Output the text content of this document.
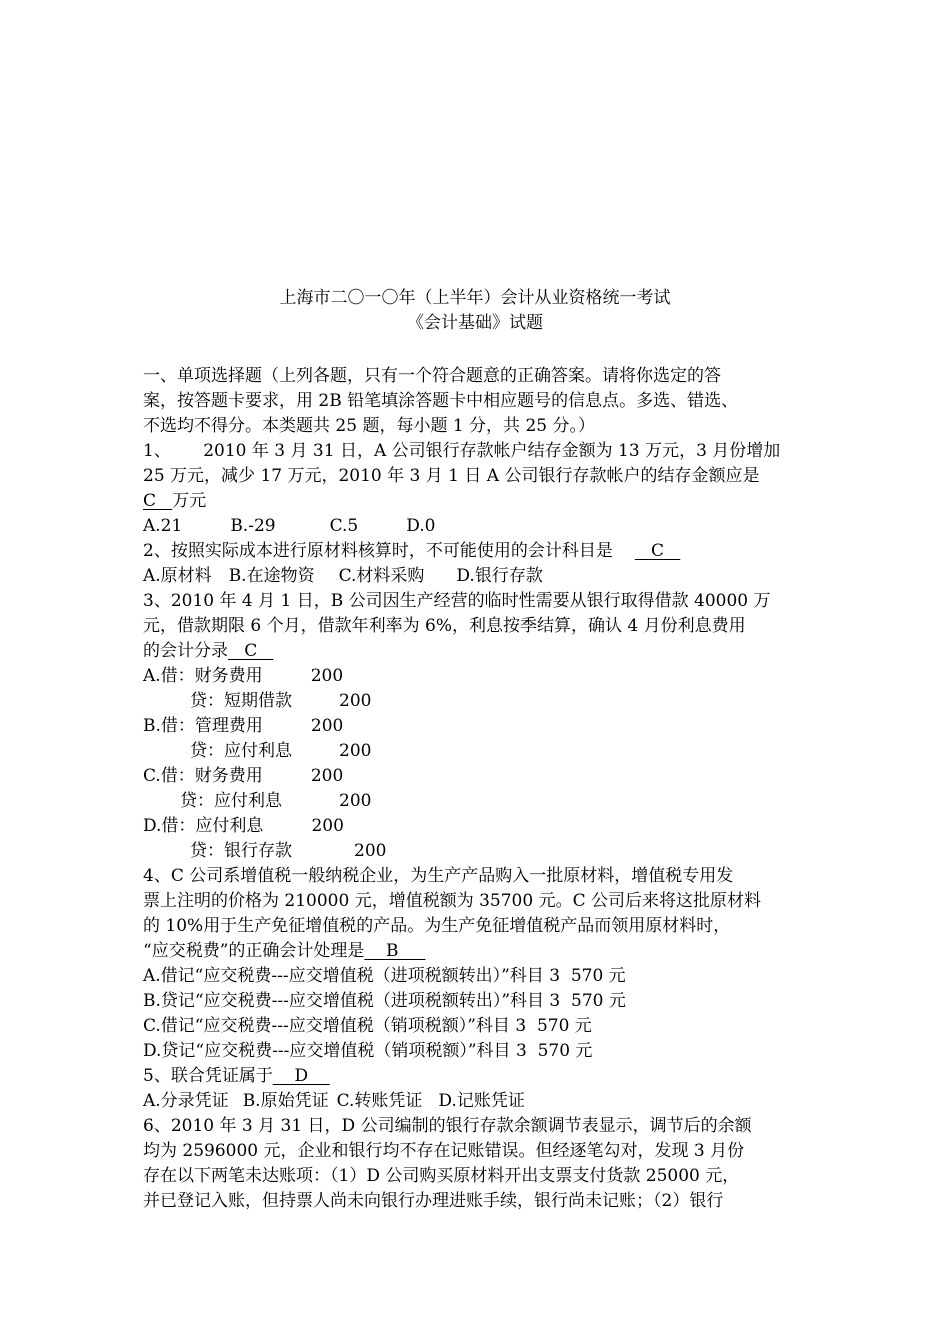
上海市二〇一〇年（上半年）会计从业资格统一考试
《会计基础》试题
一、单项选择题（上列各题，只有一个符合题意的正确答案。请将你选定的答
案，按答题卡要求，用 2B 铅笔填涂答题卡中相应题号的信息点。多选、错选、
不选均不得分。本类题共 25 题，每小题 1 分，共 25 分。）
1、      2010 年 3 月 31 日，A 公司银行存款帐户结存金额为 13 万元，3 月份增加
25 万元，减少 17 万元，2010 年 3 月 1 日 A 公司银行存款帐户的结存金额应是
C   万元
A.21	B.-29	C.5	D.0
2、按照实际成本进行原材料核算时，不可能使用的会计科目是   C
A.原材料 B.在途物资 C.材料采购 D.银行存款
3、2010 年 4 月 1 日，B 公司因生产经营的临时性需要从银行取得借款 40000 万
元，借款期限 6 个月，借款年利率为 6%，利息按季结算，确认 4 月份利息费用
的会计分录   C
A.借：财务费用	200
贷：短期借款	200
B.借：管理费用	200
贷：应付利息	200
C.借：财务费用	200
贷：应付利息	200
D.借：应付利息	200
贷：银行存款	200
4、C 公司系增值税一般纳税企业，为生产产品购入一批原材料，增值税专用发
票上注明的价格为 210000 元，增值税额为 35700 元。C 公司后来将这批原材料
的 10%用于生产免征增值税的产品。为生产免征增值税产品而领用原材料时，
“应交税费”的正确会计处理是    B
A.借记“应交税费---应交增值税（进项税额转出）”科目 3  570 元
B.贷记“应交税费---应交增值税（进项税额转出）”科目 3  570 元
C.借记“应交税费---应交增值税（销项税额）”科目 3  570 元
D.贷记“应交税费---应交增值税（销项税额）”科目 3  570 元
5、联合凭证属于    D
A.分录凭证 B.原始凭证 C.转账凭证 D.记账凭证
6、2010 年 3 月 31 日，D 公司编制的银行存款余额调节表显示，调节后的余额
均为 2596000 元，企业和银行均不存在记账错误。但经逐笔勾对，发现 3 月份
存在以下两笔未达账项：（1）D 公司购买原材料开出支票支付货款 25000 元，
并已登记入账，但持票人尚未向银行办理进账手续，银行尚未记账；（2）银行
